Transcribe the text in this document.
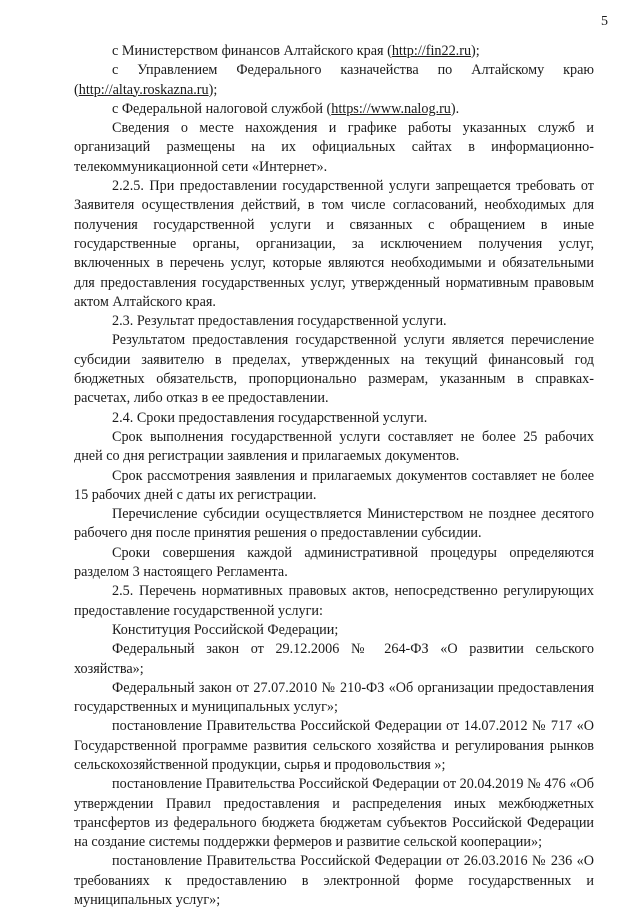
5

с Министерством финансов Алтайского края (http://fin22.ru);

с Управлением Федерального казначейства по Алтайскому краю (http://altay.roskazna.ru);

с Федеральной налоговой службой (https://www.nalog.ru).

Сведения о месте нахождения и графике работы указанных служб и организаций размещены на их официальных сайтах в информационно-телекоммуникационной сети «Интернет».

2.2.5. При предоставлении государственной услуги запрещается требовать от Заявителя осуществления действий, в том числе согласований, необходимых для получения государственной услуги и связанных с обращением в иные государственные органы, организации, за исключением получения услуг, включенных в перечень услуг, которые являются необходимыми и обязательными для предоставления государственных услуг, утвержденный нормативным правовым актом Алтайского края.

2.3. Результат предоставления государственной услуги.

Результатом предоставления государственной услуги является перечисление субсидии заявителю в пределах, утвержденных на текущий финансовый год бюджетных обязательств, пропорционально размерам, указанным в справках-расчетах, либо отказ в ее предоставлении.

2.4. Сроки предоставления государственной услуги.

Срок выполнения государственной услуги составляет не более 25 рабочих дней со дня регистрации заявления и прилагаемых документов.

Срок рассмотрения заявления и прилагаемых документов составляет не более 15 рабочих дней с даты их регистрации.

Перечисление субсидии осуществляется Министерством не позднее десятого рабочего дня после принятия решения о предоставлении субсидии.

Сроки совершения каждой административной процедуры определяются разделом 3 настоящего Регламента.

2.5. Перечень нормативных правовых актов, непосредственно регулирующих предоставление государственной услуги:

Конституция Российской Федерации;

Федеральный закон от 29.12.2006 № 264-ФЗ «О развитии сельского хозяйства»;

Федеральный закон от 27.07.2010 № 210-ФЗ «Об организации предоставления государственных и муниципальных услуг»;

постановление Правительства Российской Федерации от 14.07.2012 № 717 «О Государственной программе развития сельского хозяйства и регулирования рынков сельскохозяйственной продукции, сырья и продовольствия »;

постановление Правительства Российской Федерации от 20.04.2019 № 476 «Об утверждении Правил предоставления и распределения иных межбюджетных трансфертов из федерального бюджета бюджетам субъектов Российской Федерации на создание системы поддержки фермеров и развитие сельской кооперации»;

постановление Правительства Российской Федерации от 26.03.2016 № 236 «О требованиях к предоставлению в электронной форме государственных и муниципальных услуг»;
